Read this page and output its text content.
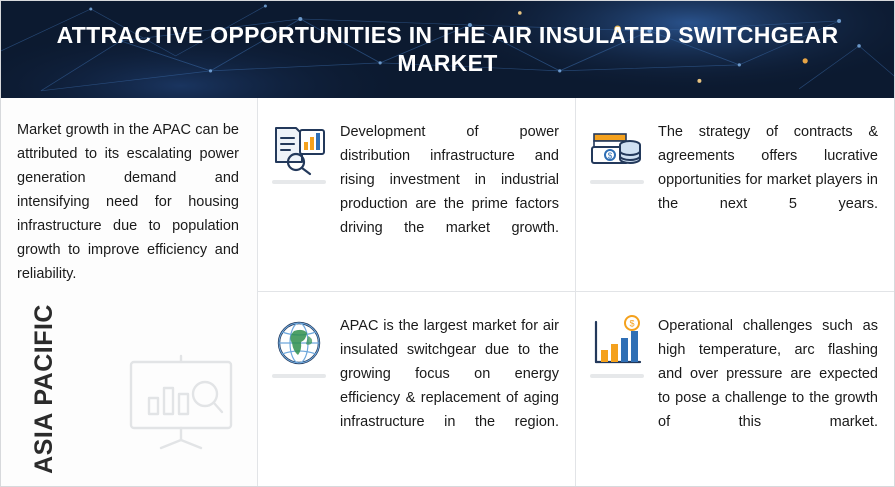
ATTRACTIVE OPPORTUNITIES IN THE AIR INSULATED SWITCHGEAR MARKET
Market growth in the APAC can be attributed to its escalating power generation demand and intensifying need for housing infrastructure due to population growth to improve efficiency and reliability.
ASIA PACIFIC
Development of power distribution infrastructure and rising investment in industrial production are the prime factors driving the market growth.
APAC is the largest market for air insulated switchgear due to the growing focus on energy efficiency & replacement of aging infrastructure in the region.
$
The strategy of contracts & agreements offers lucrative opportunities for market players in the next 5 years.
$ Operational challenges such as high temperature, arc flashing and over pressure are expected to pose a challenge to the growth of this market.
